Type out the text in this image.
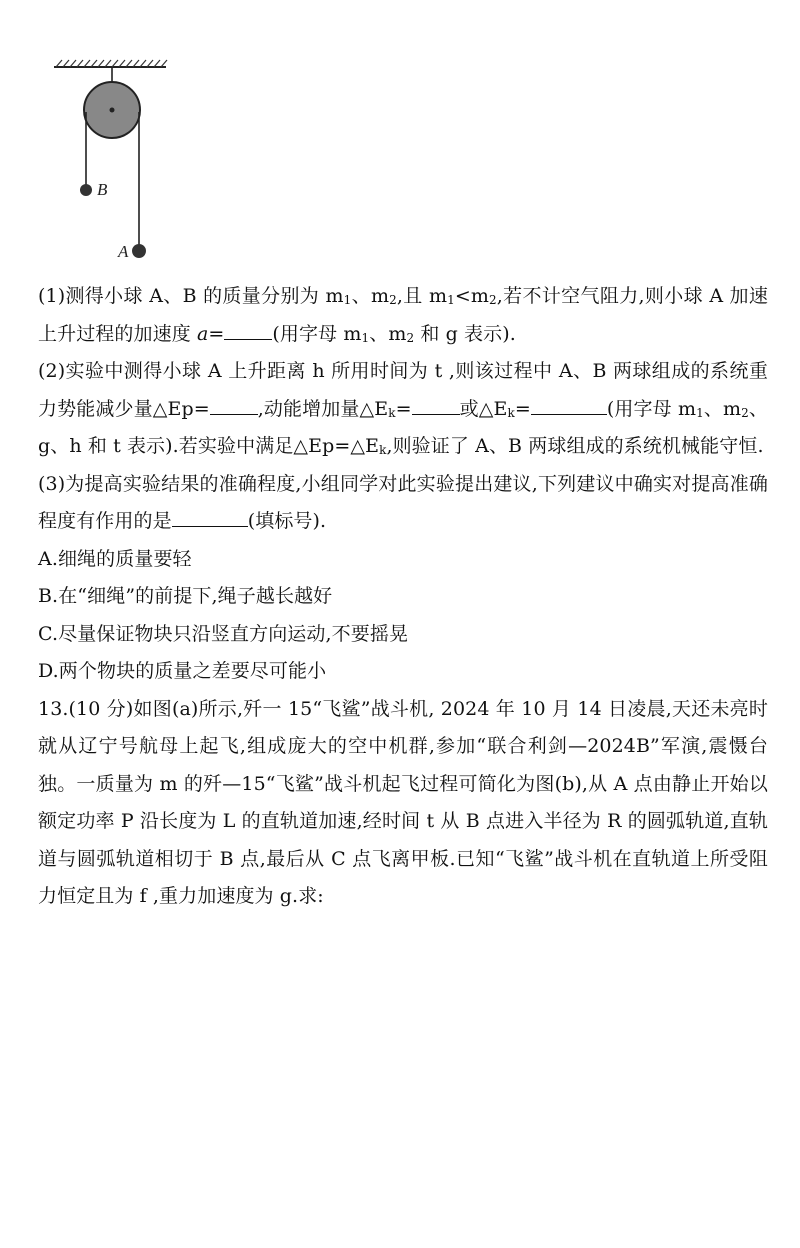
B
A

(1)测得小球 A、B 的质量分别为 $m_1$、$m_2$,且 $m_1<m_2$,若不计空气阻力,则小球 A 加速上升过程的加速度 a=	(用字母 $m_1$、$m_2$ 和 g 表示).

(2)实验中测得小球 A 上升距离 h 所用时间为 t ,则该过程中 A、B 两球组成的系统重力势能减少量△Ep=	,动能增加量$\triangle E_k=$	或$\triangle E_k=$	(用字母 $m_1$、$m_2$、g、h 和 t 表示).若实验中满足$\triangle Ep=\triangle E_k$,则验证了 A、B 两球组成的系统机械能守恒.

(3)为提高实验结果的准确程度,小组同学对此实验提出建议,下列建议中确实对提高准确程度有作用的是	(填标号).

A.细绳的质量要轻

B.在“细绳”的前提下,绳子越长越好

C.尽量保证物块只沿竖直方向运动,不要摇晃

D.两个物块的质量之差要尽可能小

13.(10 分)如图(a)所示,歼一 15“飞鲨”战斗机, 2024 年 10 月 14 日凌晨,天还未亮时就从辽宁号航母上起飞,组成庞大的空中机群,参加“联合利剑—2024B”军演,震慑台独。一质量为 m 的歼—15“飞鲨”战斗机起飞过程可简化为图(b),从 A 点由静止开始以额定功率 P 沿长度为 L 的直轨道加速,经时间 t 从 B 点进入半径为 R 的圆弧轨道,直轨道与圆弧轨道相切于 B 点,最后从 C 点飞离甲板.已知“飞鲨”战斗机在直轨道上所受阻力恒定且为 f ,重力加速度为 g.求:
